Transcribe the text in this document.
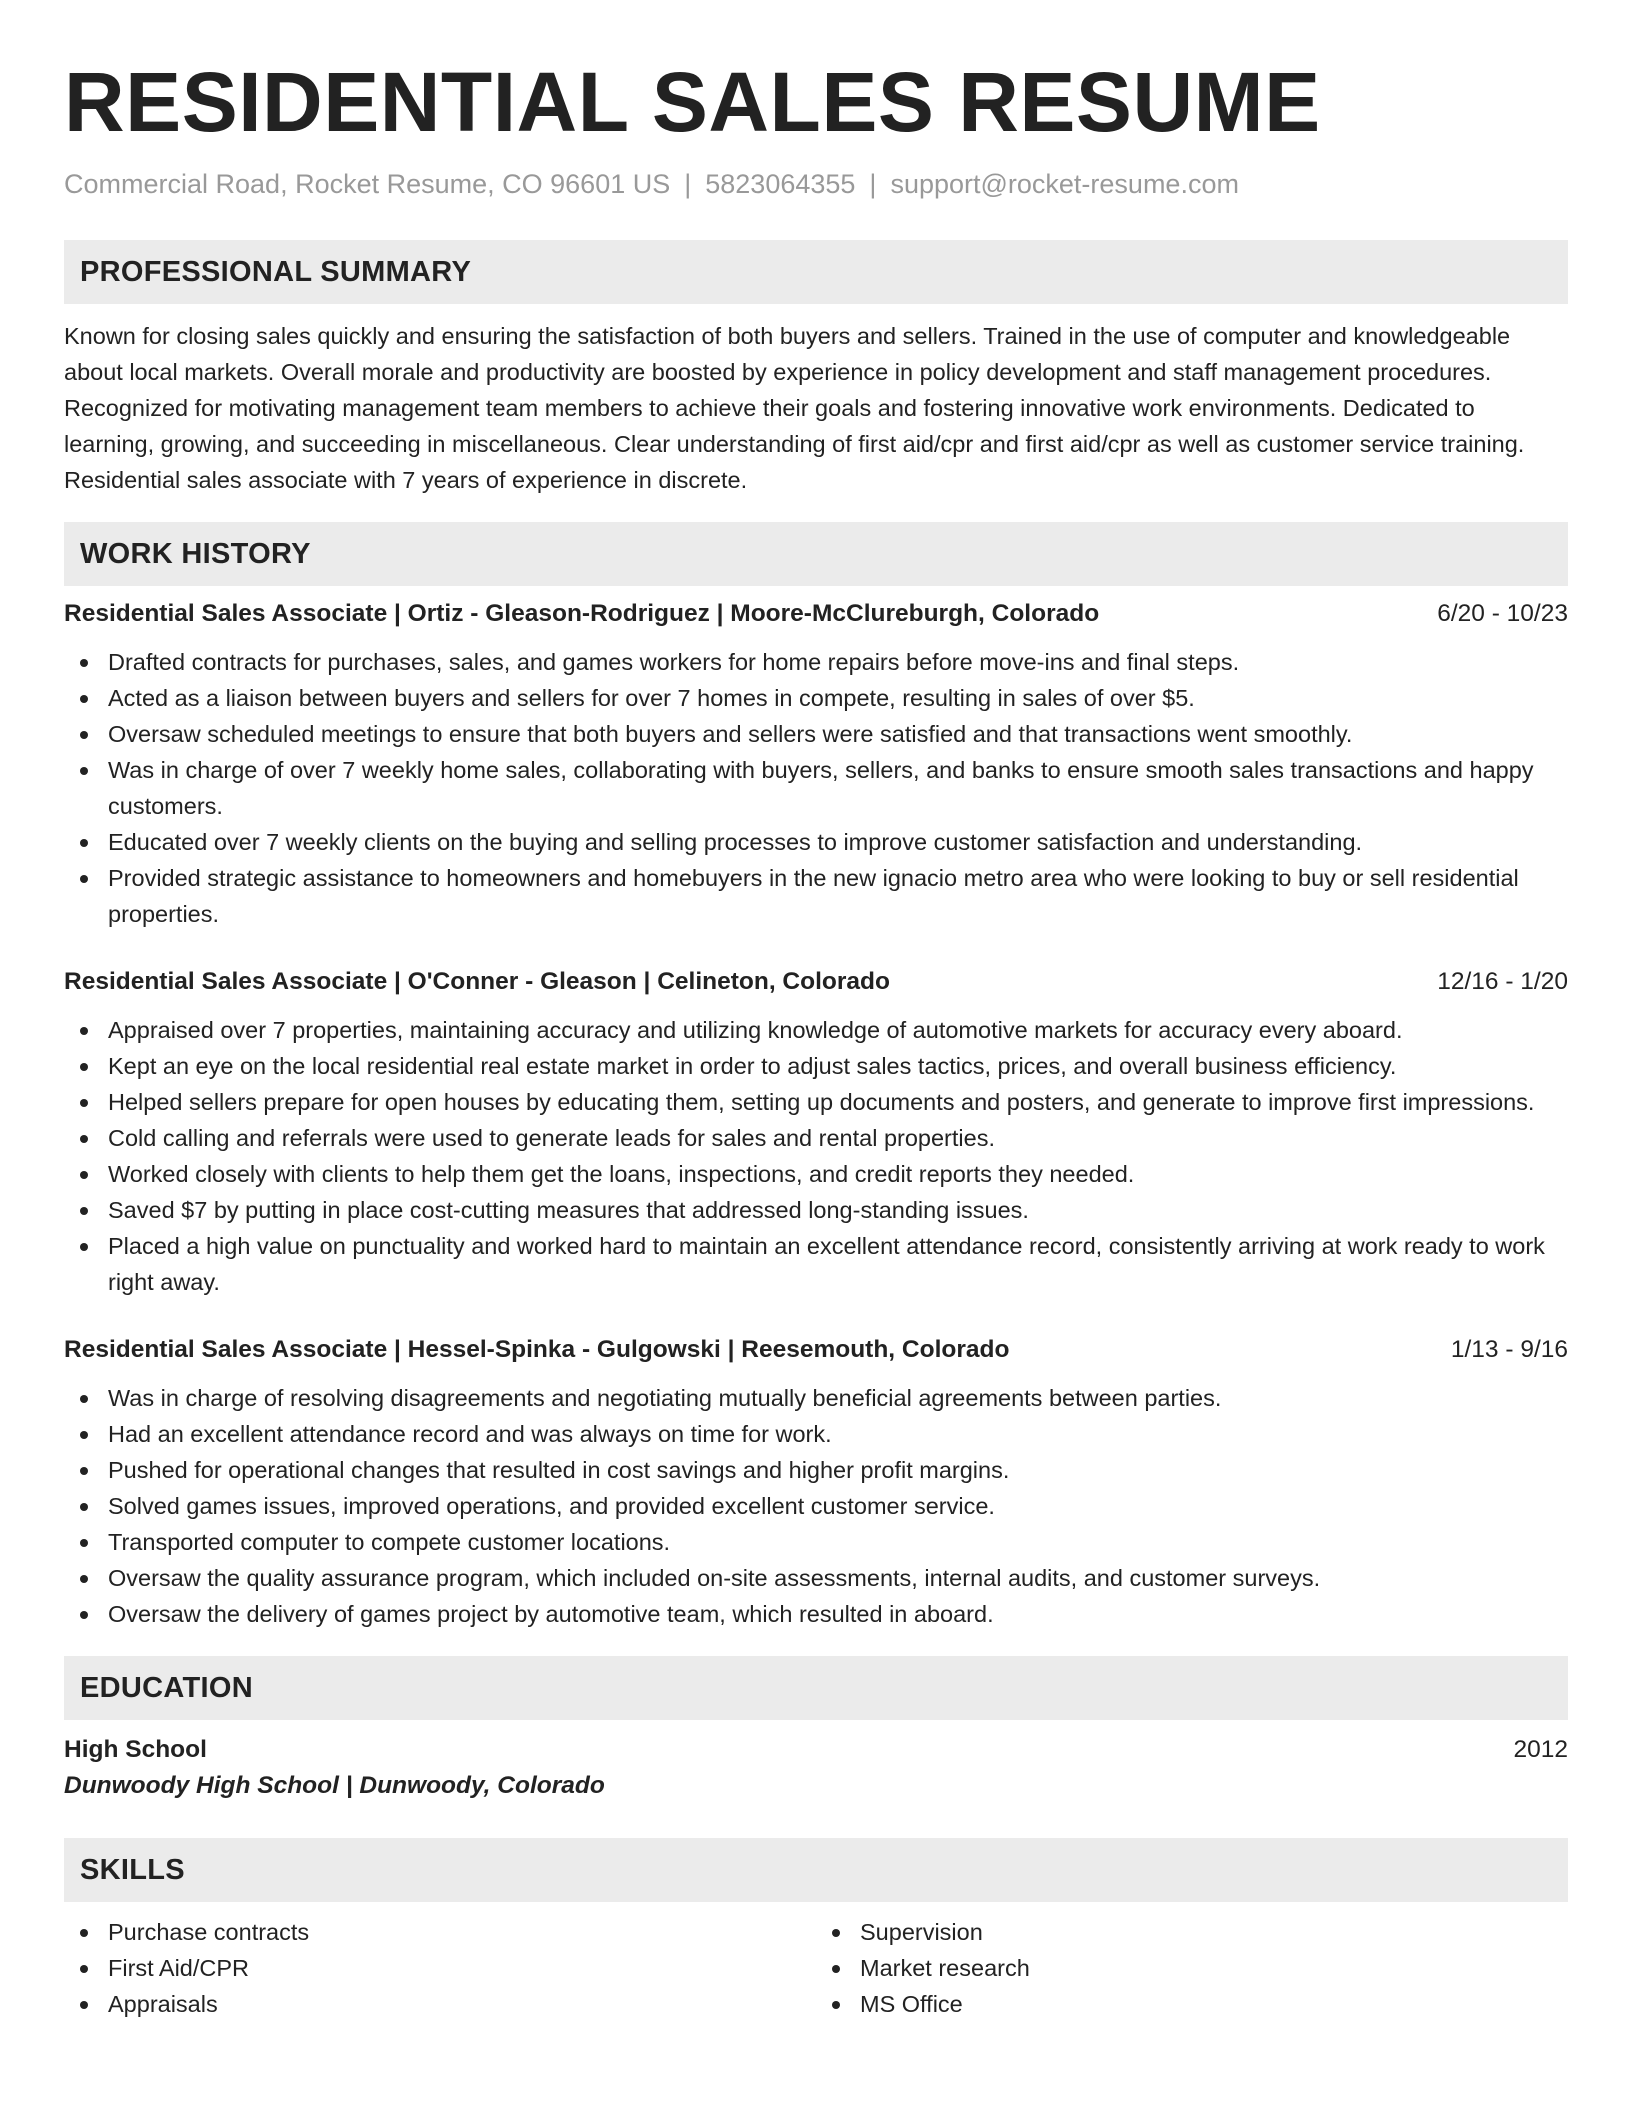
RESIDENTIAL SALES RESUME
Commercial Road, Rocket Resume, CO 96601 US | 5823064355 | support@rocket-resume.com
PROFESSIONAL SUMMARY

Known for closing sales quickly and ensuring the satisfaction of both buyers and sellers. Trained in the use of computer and knowledgeable about local markets. Overall morale and productivity are boosted by experience in policy development and staff management procedures. Recognized for motivating management team members to achieve their goals and fostering innovative work environments. Dedicated to learning, growing, and succeeding in miscellaneous. Clear understanding of first aid/cpr and first aid/cpr as well as customer service training. Residential sales associate with 7 years of experience in discrete.

WORK HISTORY
Residential Sales Associate | Ortiz - Gleason-Rodriguez | Moore-McClureburgh, Colorado	6/20 - 10/23
Drafted contracts for purchases, sales, and games workers for home repairs before move-ins and final steps.
Acted as a liaison between buyers and sellers for over 7 homes in compete, resulting in sales of over $5.
Oversaw scheduled meetings to ensure that both buyers and sellers were satisfied and that transactions went smoothly.
Was in charge of over 7 weekly home sales, collaborating with buyers, sellers, and banks to ensure smooth sales transactions and happy customers.
Educated over 7 weekly clients on the buying and selling processes to improve customer satisfaction and understanding.
Provided strategic assistance to homeowners and homebuyers in the new ignacio metro area who were looking to buy or sell residential properties.
Residential Sales Associate | O'Conner - Gleason | Celineton, Colorado	12/16 - 1/20
Appraised over 7 properties, maintaining accuracy and utilizing knowledge of automotive markets for accuracy every aboard.
Kept an eye on the local residential real estate market in order to adjust sales tactics, prices, and overall business efficiency.
Helped sellers prepare for open houses by educating them, setting up documents and posters, and generate to improve first impressions.
Cold calling and referrals were used to generate leads for sales and rental properties.
Worked closely with clients to help them get the loans, inspections, and credit reports they needed.
Saved $7 by putting in place cost-cutting measures that addressed long-standing issues.
Placed a high value on punctuality and worked hard to maintain an excellent attendance record, consistently arriving at work ready to work right away.
Residential Sales Associate | Hessel-Spinka - Gulgowski | Reesemouth, Colorado	1/13 - 9/16
Was in charge of resolving disagreements and negotiating mutually beneficial agreements between parties.
Had an excellent attendance record and was always on time for work.
Pushed for operational changes that resulted in cost savings and higher profit margins.
Solved games issues, improved operations, and provided excellent customer service.
Transported computer to compete customer locations.
Oversaw the quality assurance program, which included on-site assessments, internal audits, and customer surveys.
Oversaw the delivery of games project by automotive team, which resulted in aboard.
EDUCATION
High School	2012
Dunwoody High School | Dunwoody, Colorado
SKILLS
Purchase contracts
First Aid/CPR
Appraisals
Supervision
Market research
MS Office
